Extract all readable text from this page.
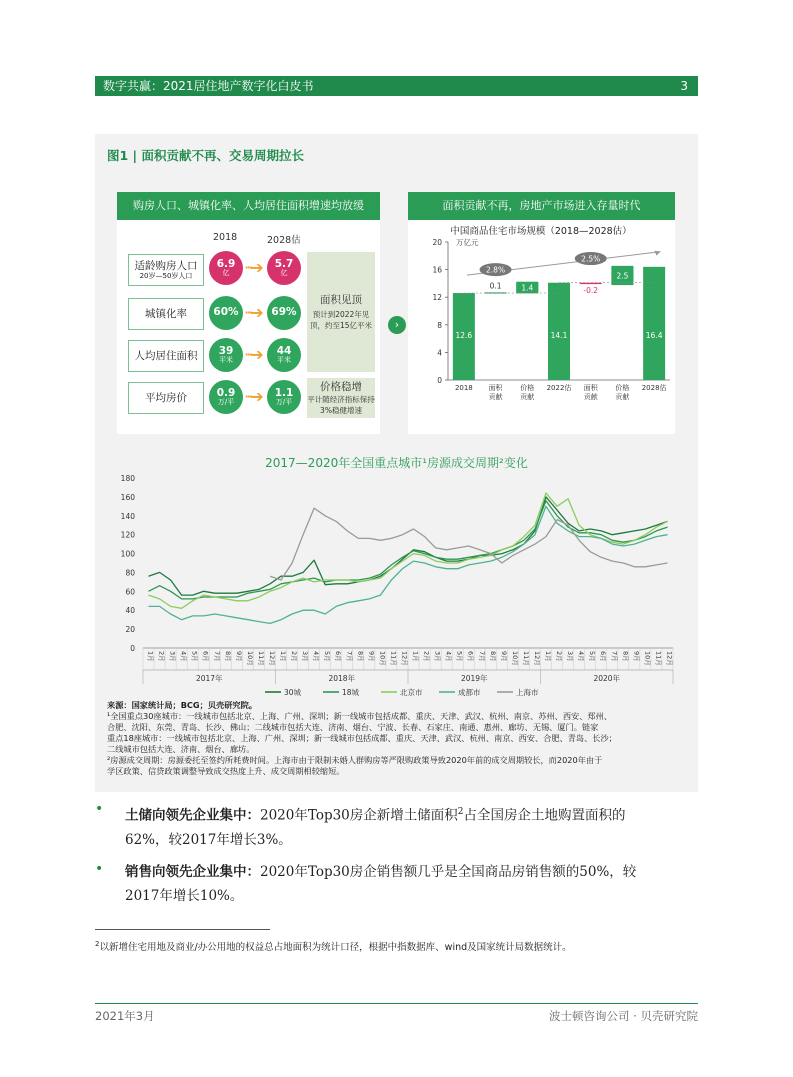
数字共赢：2021居住地产数字化白皮书	3
图1 | 面积贡献不再、交易周期拉长
购房人口、城镇化率、人均居住面积增速均放缓
2018	2028估
适龄购房人口
20岁—50岁人口
6.9
亿 ···➔ 5.7
亿
城镇化率	60% ···➔ 69%
人均居住面积	39
平米 ···➔ 44
平米
平均房价	0.9
万/平 ···➔ 1.1
万/平
面积见顶
预计到2022年见顶，约至15亿平米
价格稳增
平计随经济指标保持3%稳健增速
›
面积贡献不再，房地产市场进入存量时代
中国商品住宅市场规模（2018—2028估）
万亿元
0
4
8
12
16
20
12.6
2018
0.1
面积
贡献
1.4
价格
贡献
14.1
2022估
-0.2
面积
贡献
2.5
价格
贡献
16.4
2028估
2.8%
2.5%
2017—2020年全国重点城市¹房源成交周期²变化
0
20
40
60
80
100
120
140
160
180
1月 2月 3月 4月 5月 6月 7月 8月 9月 10月 11月 12月 1月 2月 3月 4月 5月 6月 7月 8月 9月 10月 11月 12月 1月 2月 3月 4月 5月 6月 7月 8月 9月 10月 11月 12月 1月 2月 3月 4月 5月 6月 7月 8月 9月 10月 11月 12月
2017年	2018年	2019年	2020年
30城	18城	北京市	成都市	上海市
来源：国家统计局；BCG；贝壳研究院。
¹全国重点30座城市：一线城市包括北京、上海、广州、深圳；新一线城市包括成都、重庆、天津、武汉、杭州、南京、苏州、西安、郑州、
合肥、沈阳、东莞、青岛、长沙、佛山；二线城市包括大连、济南、烟台、宁波、长春、石家庄、南通、惠州、廊坊、无锡、厦门。链家
重点18座城市：一线城市包括北京、上海、广州、深圳；新一线城市包括成都、重庆、天津、武汉、杭州、南京、西安、合肥、青岛、长沙；
二线城市包括大连、济南、烟台、廊坊。
²房源成交周期：房源委托至签约所耗费时间。上海市由于限制未婚人群购房等严限购政策导致2020年前的成交周期较长，而2020年由于
学区政策、信贷政策调整导致成交热度上升、成交周期相较缩短。
• 土储向领先企业集中：2020年Top30房企新增土储面积$^2$占全国房企土地购置面积的
62%，较2017年增长3%。
• 销售向领先企业集中：2020年Top30房企销售额几乎是全国商品房销售额的50%，较
2017年增长10%。
$^2$以新增住宅用地及商业/办公用地的权益总占地面积为统计口径，根据中指数据库、wind及国家统计局数据统计。
2021年3月	波士顿咨询公司 · 贝壳研究院
